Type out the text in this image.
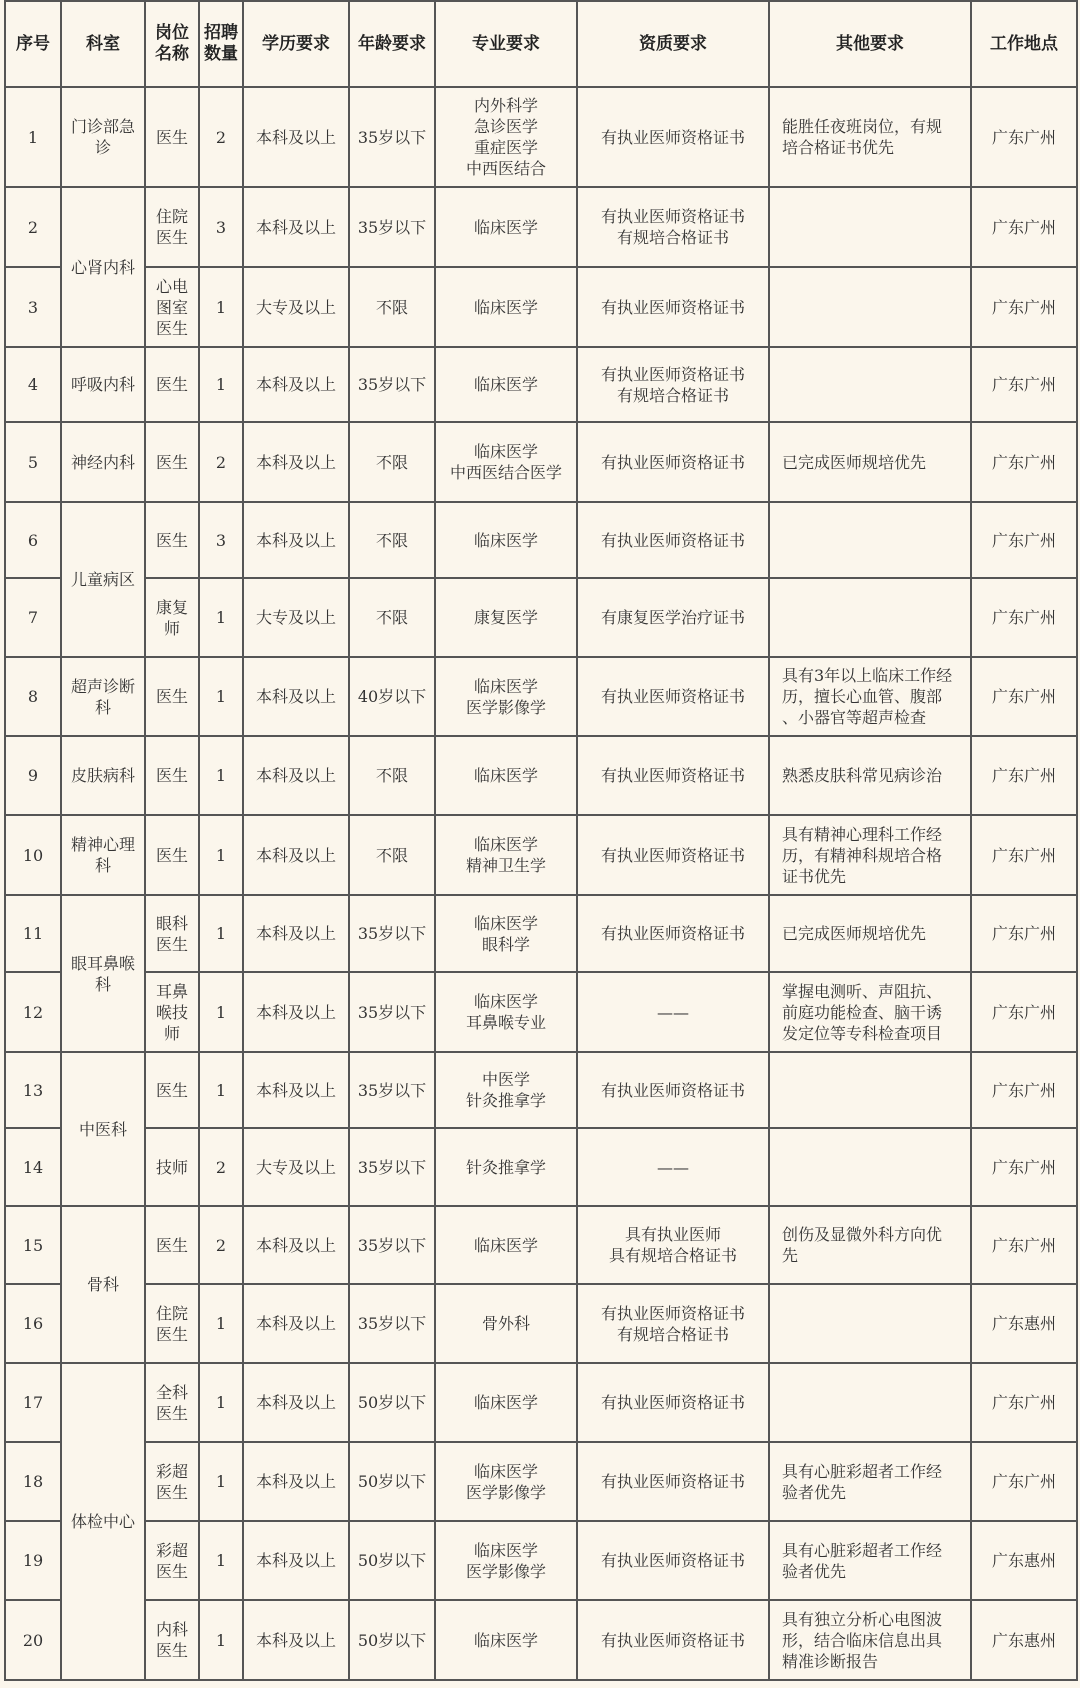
序号	科室	岗位
名称	招聘
数量	学历要求	年龄要求	专业要求	资质要求	其他要求	工作地点
1	门诊部急
诊	医生	2	本科及以上	35岁以下	内外科学
急诊医学
重症医学
中西医结合	有执业医师资格证书	能胜任夜班岗位，有规
培合格证书优先	广东广州
2	心肾内科	住院
医生	3	本科及以上	35岁以下	临床医学	有执业医师资格证书
有规培合格证书		广东广州
3		心电
图室
医生	1	大专及以上	不限	临床医学	有执业医师资格证书		广东广州
4	呼吸内科	医生	1	本科及以上	35岁以下	临床医学	有执业医师资格证书
有规培合格证书		广东广州
5	神经内科	医生	2	本科及以上	不限	临床医学
中西医结合医学	有执业医师资格证书	已完成医师规培优先	广东广州
6	儿童病区	医生	3	本科及以上	不限	临床医学	有执业医师资格证书		广东广州
7		康复
师	1	大专及以上	不限	康复医学	有康复医学治疗证书		广东广州
8	超声诊断
科	医生	1	本科及以上	40岁以下	临床医学
医学影像学	有执业医师资格证书	具有3年以上临床工作经
历，擅长心血管、腹部
、小器官等超声检查	广东广州
9	皮肤病科	医生	1	本科及以上	不限	临床医学	有执业医师资格证书	熟悉皮肤科常见病诊治	广东广州
10	精神心理
科	医生	1	本科及以上	不限	临床医学
精神卫生学	有执业医师资格证书	具有精神心理科工作经
历，有精神科规培合格
证书优先	广东广州
11	眼耳鼻喉
科	眼科
医生	1	本科及以上	35岁以下	临床医学
眼科学	有执业医师资格证书	已完成医师规培优先	广东广州
12		耳鼻
喉技
师	1	本科及以上	35岁以下	临床医学
耳鼻喉专业	——	掌握电测听、声阻抗、
前庭功能检查、脑干诱
发定位等专科检查项目	广东广州
13	中医科	医生	1	本科及以上	35岁以下	中医学
针灸推拿学	有执业医师资格证书		广东广州
14		技师	2	大专及以上	35岁以下	针灸推拿学	——		广东广州
15	骨科	医生	2	本科及以上	35岁以下	临床医学	具有执业医师
具有规培合格证书	创伤及显微外科方向优
先	广东广州
16		住院
医生	1	本科及以上	35岁以下	骨外科	有执业医师资格证书
有规培合格证书		广东惠州
17	体检中心	全科
医生	1	本科及以上	50岁以下	临床医学	有执业医师资格证书		广东广州
18		彩超
医生	1	本科及以上	50岁以下	临床医学
医学影像学	有执业医师资格证书	具有心脏彩超者工作经
验者优先	广东广州
19		彩超
医生	1	本科及以上	50岁以下	临床医学
医学影像学	有执业医师资格证书	具有心脏彩超者工作经
验者优先	广东惠州
20		内科
医生	1	本科及以上	50岁以下	临床医学	有执业医师资格证书	具有独立分析心电图波
形，结合临床信息出具
精准诊断报告	广东惠州
